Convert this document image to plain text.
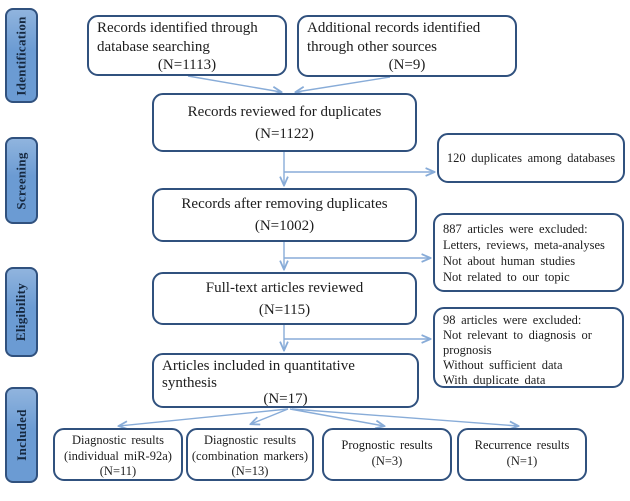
Identification
Screening
Eligibility
Included
Records identified through
database searching
(N=1113)
Additional records identified
through other sources
(N=9)
Records reviewed for duplicates
(N=1122)
Records after removing duplicates
(N=1002)
Full-text articles reviewed
(N=115)
Articles included in quantitative
synthesis
(N=17)
120 duplicates among databases
887 articles were excluded:
Letters, reviews, meta-analyses
Not about human studies
Not related to our topic
98 articles were excluded:
Not relevant to diagnosis or prognosis
Without sufficient data
With duplicate data
Diagnostic results
(individual miR-92a)
(N=11)
Diagnostic results
(combination markers)
(N=13)
Prognostic results
(N=3)
Recurrence results
(N=1)
